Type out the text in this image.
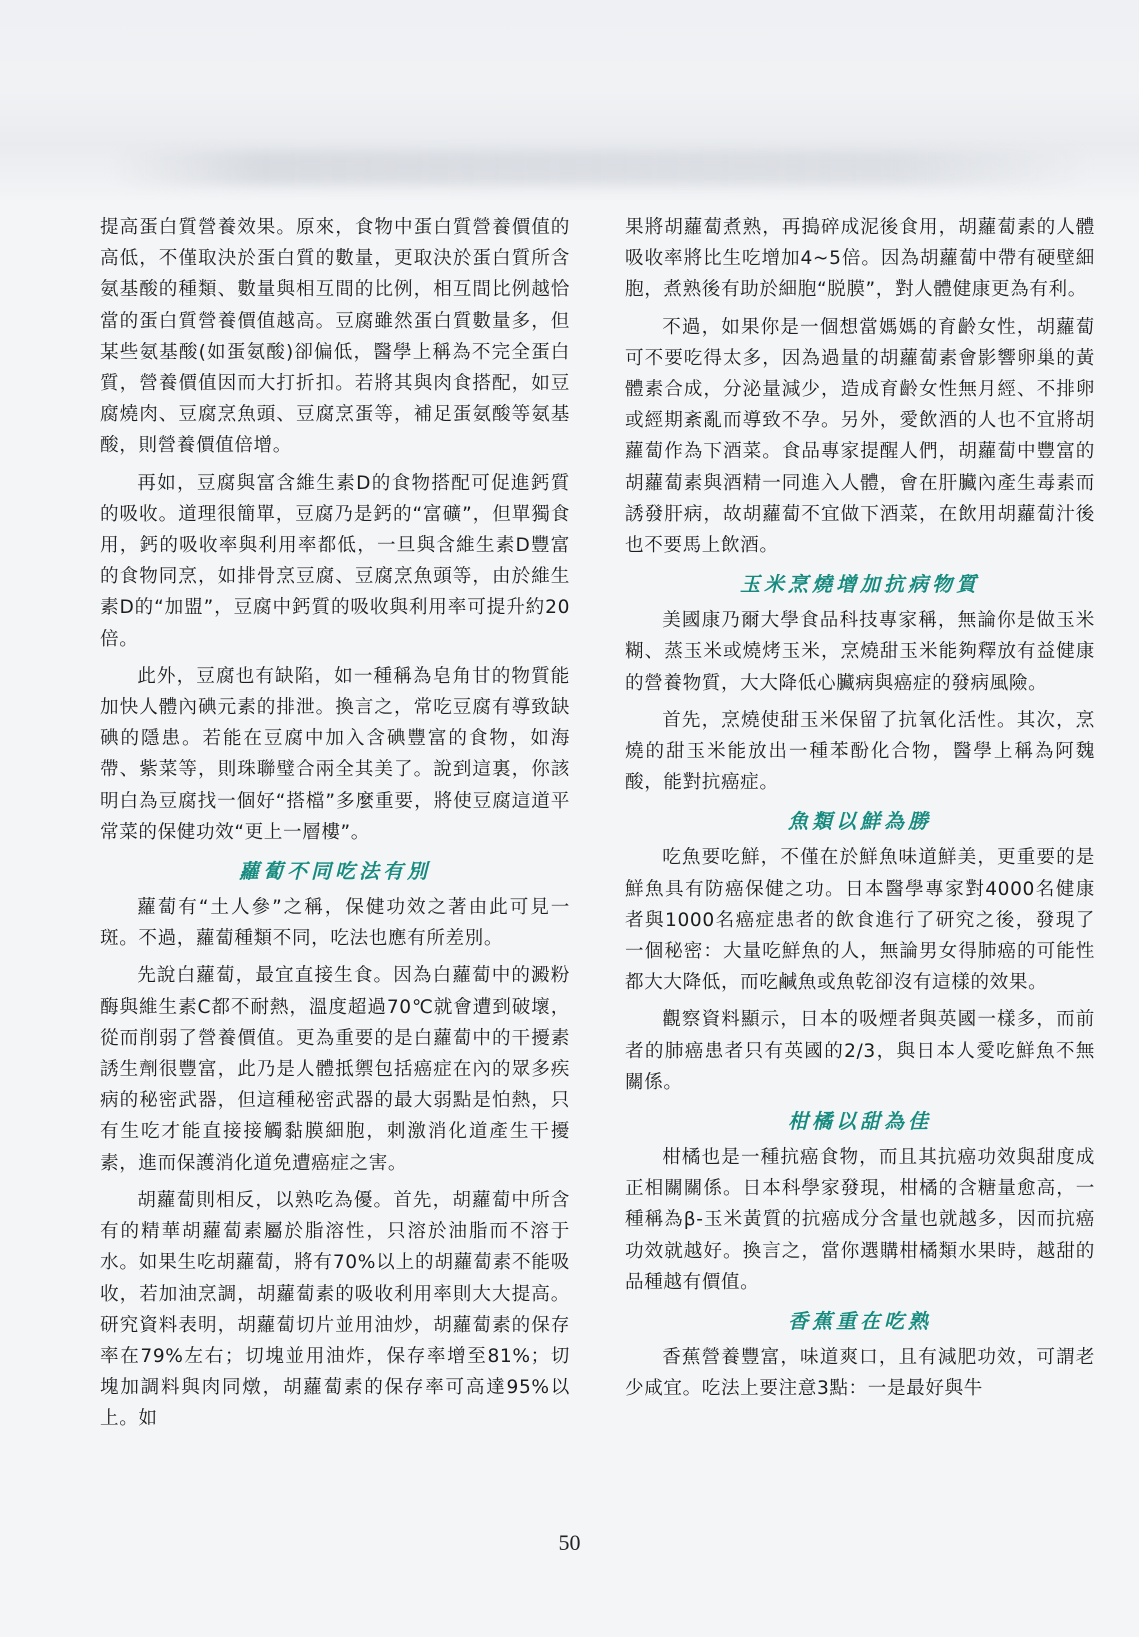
提高蛋白質營養效果。原來，食物中蛋白質營養價值的高低，不僅取決於蛋白質的數量，更取決於蛋白質所含氨基酸的種類、數量與相互間的比例，相互間比例越恰當的蛋白質營養價值越高。豆腐雖然蛋白質數量多，但某些氨基酸(如蛋氨酸)卻偏低，醫學上稱為不完全蛋白質，營養價值因而大打折扣。若將其與肉食搭配，如豆腐燒肉、豆腐烹魚頭、豆腐烹蛋等，補足蛋氨酸等氨基酸，則營養價值倍增。

再如，豆腐與富含維生素D的食物搭配可促進鈣質的吸收。道理很簡單，豆腐乃是鈣的“富礦”，但單獨食用，鈣的吸收率與利用率都低，一旦與含維生素D豐富的食物同烹，如排骨烹豆腐、豆腐烹魚頭等，由於維生素D的“加盟”，豆腐中鈣質的吸收與利用率可提升約20倍。

此外，豆腐也有缺陷，如一種稱為皂角甘的物質能加快人體內碘元素的排泄。換言之，常吃豆腐有導致缺碘的隱患。若能在豆腐中加入含碘豐富的食物，如海帶、紫菜等，則珠聯璧合兩全其美了。說到這裏，你該明白為豆腐找一個好“搭檔”多麼重要，將使豆腐這道平常菜的保健功效“更上一層樓”。

蘿蔔不同吃法有別

蘿蔔有“土人參”之稱，保健功效之著由此可見一斑。不過，蘿蔔種類不同，吃法也應有所差別。

先說白蘿蔔，最宜直接生食。因為白蘿蔔中的澱粉酶與維生素C都不耐熱，溫度超過70℃就會遭到破壞，從而削弱了營養價值。更為重要的是白蘿蔔中的干擾素誘生劑很豐富，此乃是人體抵禦包括癌症在內的眾多疾病的秘密武器，但這種秘密武器的最大弱點是怕熱，只有生吃才能直接接觸黏膜細胞，刺激消化道產生干擾素，進而保護消化道免遭癌症之害。

胡蘿蔔則相反，以熟吃為優。首先，胡蘿蔔中所含有的精華胡蘿蔔素屬於脂溶性，只溶於油脂而不溶于水。如果生吃胡蘿蔔，將有70%以上的胡蘿蔔素不能吸收，若加油烹調，胡蘿蔔素的吸收利用率則大大提高。研究資料表明，胡蘿蔔切片並用油炒，胡蘿蔔素的保存率在79%左右；切塊並用油炸，保存率增至81%；切塊加調料與肉同燉，胡蘿蔔素的保存率可高達95%以上。如

果將胡蘿蔔煮熟，再搗碎成泥後食用，胡蘿蔔素的人體吸收率將比生吃增加4~5倍。因為胡蘿蔔中帶有硬壁細胞，煮熟後有助於細胞“脱膜”，對人體健康更為有利。

不過，如果你是一個想當媽媽的育齡女性，胡蘿蔔可不要吃得太多，因為過量的胡蘿蔔素會影響卵巢的黃體素合成，分泌量減少，造成育齡女性無月經、不排卵或經期紊亂而導致不孕。另外，愛飲酒的人也不宜將胡蘿蔔作為下酒菜。食品專家提醒人們，胡蘿蔔中豐富的胡蘿蔔素與酒精一同進入人體，會在肝臟內產生毒素而誘發肝病，故胡蘿蔔不宜做下酒菜，在飲用胡蘿蔔汁後也不要馬上飲酒。

玉米烹燒增加抗病物質

美國康乃爾大學食品科技專家稱，無論你是做玉米糊、蒸玉米或燒烤玉米，烹燒甜玉米能夠釋放有益健康的營養物質，大大降低心臟病與癌症的發病風險。

首先，烹燒使甜玉米保留了抗氧化活性。其次，烹燒的甜玉米能放出一種苯酚化合物，醫學上稱為阿魏酸，能對抗癌症。

魚類以鮮為勝

吃魚要吃鮮，不僅在於鮮魚味道鮮美，更重要的是鮮魚具有防癌保健之功。日本醫學專家對4000名健康者與1000名癌症患者的飲食進行了研究之後，發現了一個秘密：大量吃鮮魚的人，無論男女得肺癌的可能性都大大降低，而吃鹹魚或魚乾卻沒有這樣的效果。

觀察資料顯示，日本的吸煙者與英國一樣多，而前者的肺癌患者只有英國的2/3，與日本人愛吃鮮魚不無關係。

柑橘以甜為佳

柑橘也是一種抗癌食物，而且其抗癌功效與甜度成正相關關係。日本科學家發現，柑橘的含糖量愈高，一種稱為β-玉米黃質的抗癌成分含量也就越多，因而抗癌功效就越好。換言之，當你選購柑橘類水果時，越甜的品種越有價值。

香蕉重在吃熟

香蕉營養豐富，味道爽口，且有減肥功效，可謂老少咸宜。吃法上要注意3點：一是最好與牛

50
